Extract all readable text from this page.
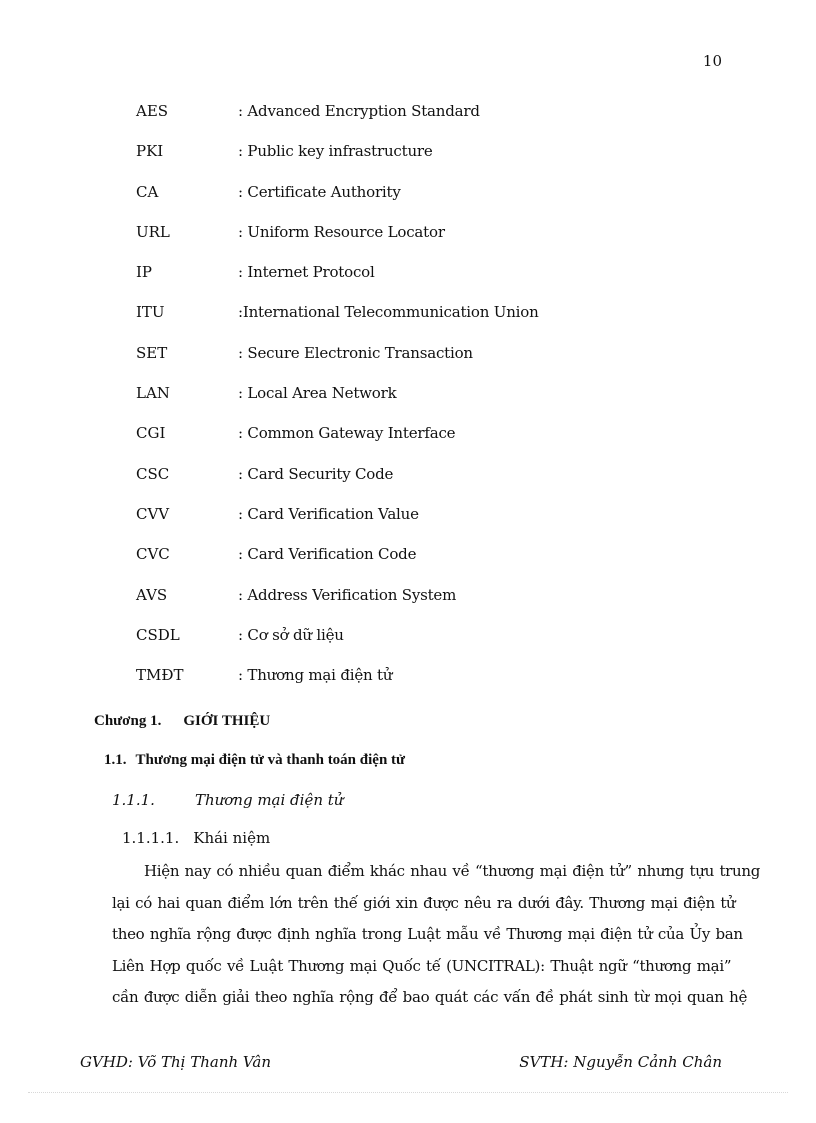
10
AES	: Advanced Encryption Standard
PKI	: Public key infrastructure
CA	: Certificate Authority
URL	: Uniform Resource Locator
IP	: Internet Protocol
ITU	:International Telecommunication Union
SET	: Secure Electronic Transaction
LAN	: Local Area Network
CGI	: Common Gateway Interface
CSC	: Card Security Code
CVV	: Card Verification Value
CVC	: Card Verification Code
AVS	: Address Verification System
CSDL	: Cơ sở dữ liệu
TMĐT	: Thương mại điện tử
Chương 1. GIỚI THIỆU
1.1. Thương mại điện tử và thanh toán điện tử
1.1.1.	Thương mại điện tử
1.1.1.1. Khái niệm
Hiện nay có nhiều quan điểm khác nhau về “thương mại điện tử” nhưng tựu trung
lại có hai quan điểm lớn trên thế giới xin được nêu ra dưới đây. Thương mại điện tử
theo nghĩa rộng được định nghĩa trong Luật mẫu về Thương mại điện tử của Ủy ban
Liên Hợp quốc về Luật Thương mại Quốc tế (UNCITRAL): Thuật ngữ “thương mại”
cần được diễn giải theo nghĩa rộng để bao quát các vấn đề phát sinh từ mọi quan hệ
GVHD: Võ Thị Thanh Vân	SVTH: Nguyễn Cảnh Chân
